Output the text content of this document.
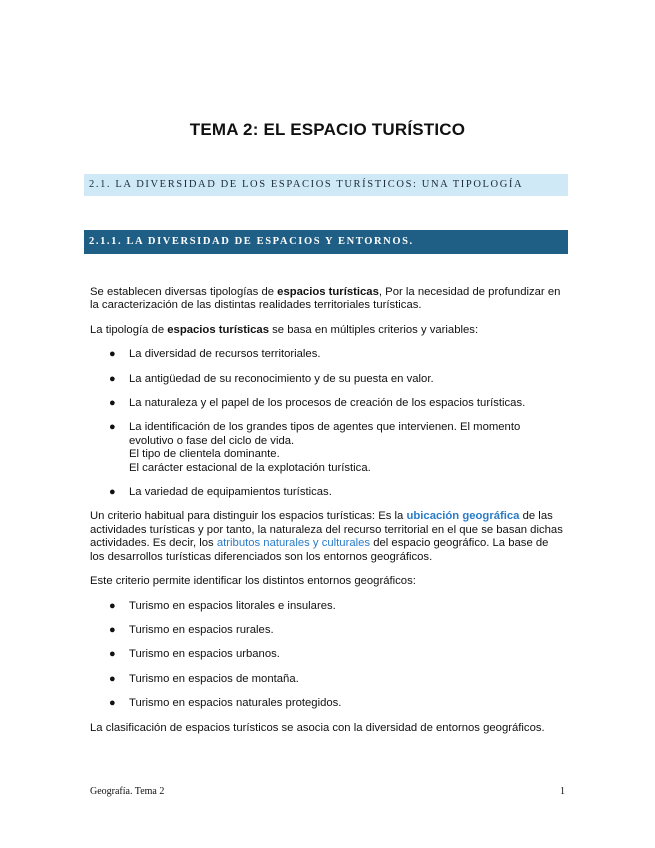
TEMA 2: EL ESPACIO TURÍSTICO
2.1. LA DIVERSIDAD DE LOS ESPACIOS TURÍSTICOS: UNA TIPOLOGÍA
2.1.1. LA DIVERSIDAD DE ESPACIOS Y ENTORNOS.

Se establecen diversas tipologías de espacios turísticas, Por la necesidad de profundizar en la caracterización de las distintas realidades territoriales turísticas.

La tipología de espacios turísticas se basa en múltiples criterios y variables:

● La diversidad de recursos territoriales.
● La antigüedad de su reconocimiento y de su puesta en valor.
● La naturaleza y el papel de los procesos de creación de los espacios turísticas.
● La identificación de los grandes tipos de agentes que intervienen. El momento evolutivo o fase del ciclo de vida.
El tipo de clientela dominante.
El carácter estacional de la explotación turística.
● La variedad de equipamientos turísticas.

Un criterio habitual para distinguir los espacios turísticas: Es la ubicación geográfica de las actividades turísticas y por tanto, la naturaleza del recurso territorial en el que se basan dichas actividades. Es decir, los atributos naturales y culturales del espacio geográfico. La base de los desarrollos turísticas diferenciados son los entornos geográficos.

Este criterio permite identificar los distintos entornos geográficos:

● Turismo en espacios litorales e insulares.
● Turismo en espacios rurales.
● Turismo en espacios urbanos.
● Turismo en espacios de montaña.
● Turismo en espacios naturales protegidos.

La clasificación de espacios turísticos se asocia con la diversidad de entornos geográficos.

Geografía. Tema 2	1
